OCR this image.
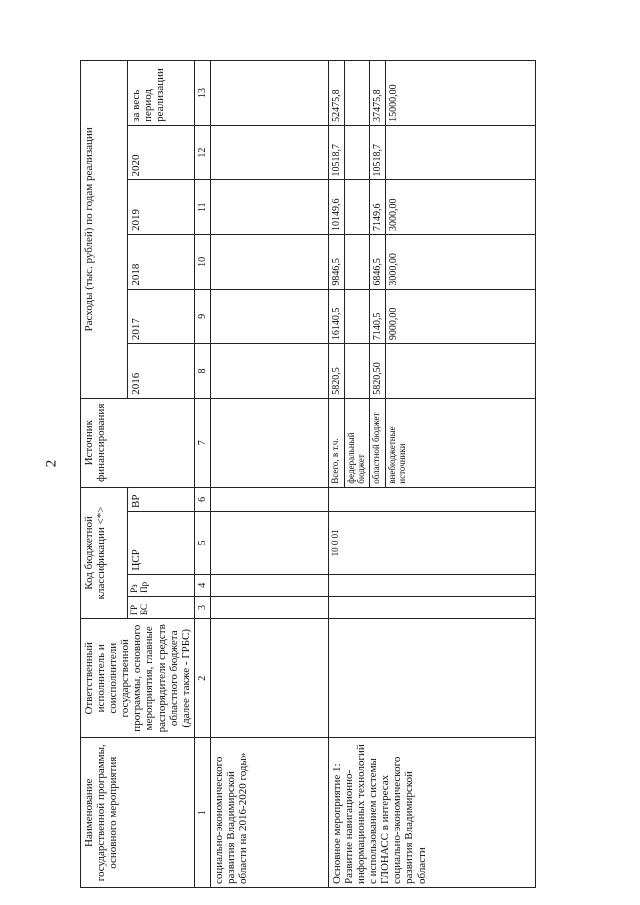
2
Наименование государственной программы, основного мероприятия	Ответственный исполнитель и соисполнители государственной программы, основного мероприятия, главные распорядители средств областного бюджета (далее также - ГРБС)	Код бюджетной классификации <*>				Источник финансирования	Расходы (тыс. рублей) по годам реализации					
		ГР БС	Рз Пр	ЦСР	ВР		2016	2017	2018	2019	2020	за весь период реализации
1	2	3	4	5	6	7	8	9	10	11	12	13
социально-экономического развития Владимирской области на 2016-2020 годы»												
Основное мероприятие 1: Развитие навигационно-информационных технологий с использованием системы ГЛОНАСС в интересах социально-экономического развития Владимирской области				10 0 01		Всего, в т.ч.	5820,5	16140,5	9846,5	10149,6	10518,7	52475,8
						федеральный бюджет						
						областной бюджет	5820,50	7140,5	6846,5	7149,6	10518,7	37475,8
						внебюджетные источники		9000,00	3000,00	3000,00		15000,00
